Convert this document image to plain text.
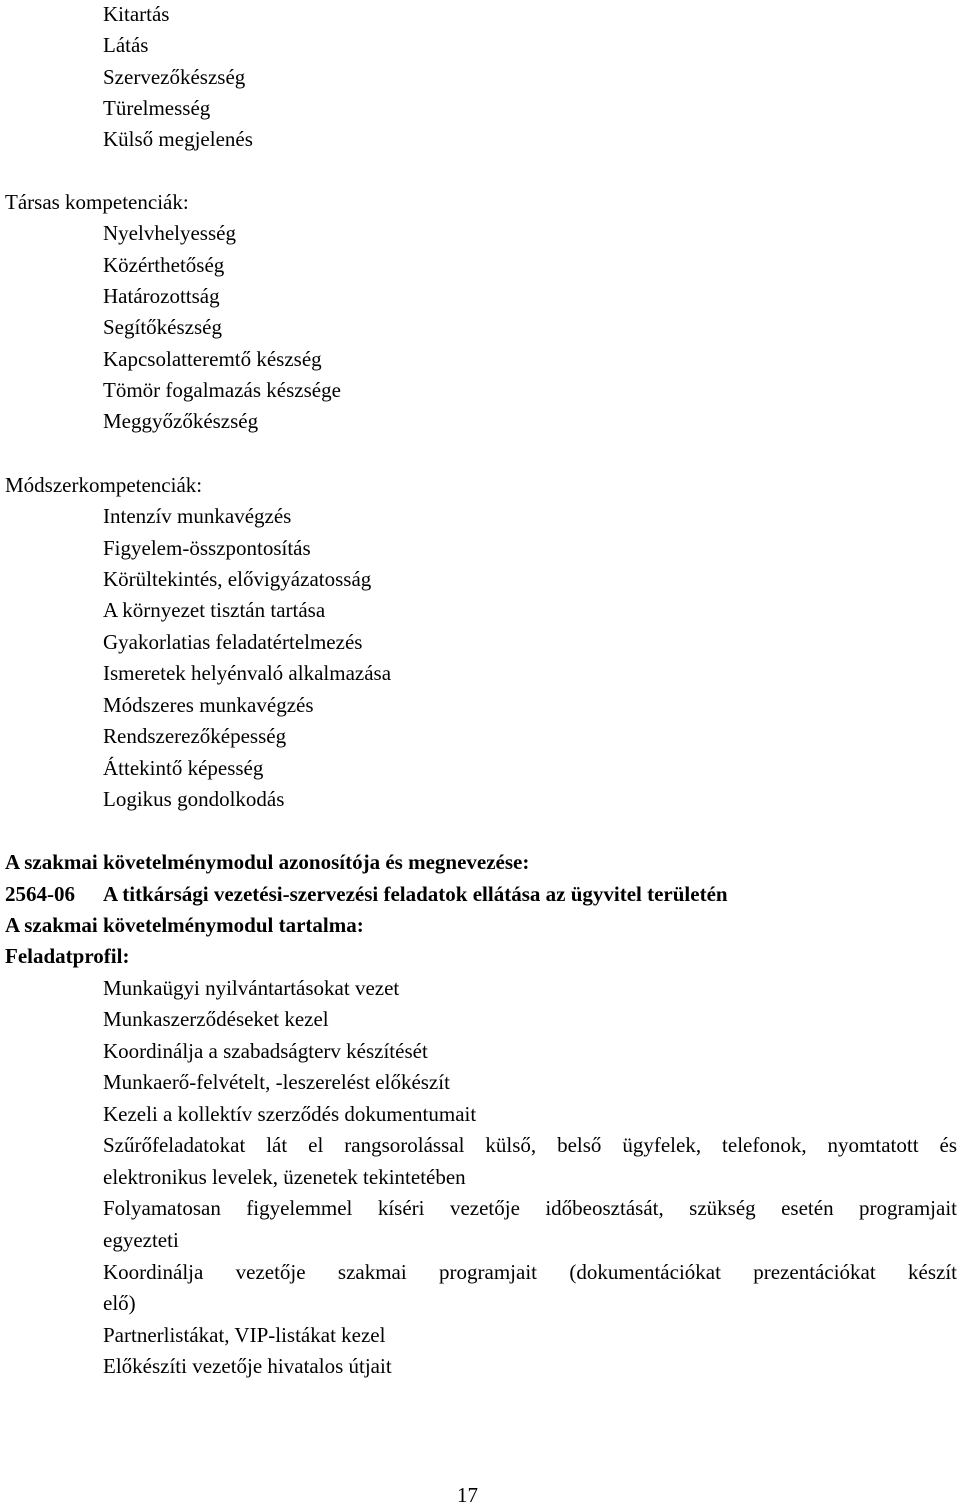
Kitartás
Látás
Szervezőkészség
Türelmesség
Külső megjelenés
Társas kompetenciák:
Nyelvhelyesség
Közérthetőség
Határozottság
Segítőkészség
Kapcsolatteremtő készség
Tömör fogalmazás készsége
Meggyőzőkészség
Módszerkompetenciák:
Intenzív munkavégzés
Figyelem-összpontosítás
Körültekintés, elővigyázatosság
A környezet tisztán tartása
Gyakorlatias feladatértelmezés
Ismeretek helyénvaló alkalmazása
Módszeres munkavégzés
Rendszerezőképesség
Áttekintő képesség
Logikus gondolkodás
A szakmai követelménymodul azonosítója és megnevezése:
2564-06 A titkársági vezetési-szervezési feladatok ellátása az ügyvitel területén
A szakmai követelménymodul tartalma:
Feladatprofil:
Munkaügyi nyilvántartásokat vezet
Munkaszerződéseket kezel
Koordinálja a szabadságterv készítését
Munkaerő-felvételt, -leszerelést előkészít
Kezeli a kollektív szerződés dokumentumait
Szűrőfeladatokat lát el rangsorolással külső, belső ügyfelek, telefonok, nyomtatott és
elektronikus levelek, üzenetek tekintetében
Folyamatosan figyelemmel kíséri vezetője időbeosztását, szükség esetén programjait
egyezteti
Koordinálja vezetője szakmai programjait (dokumentációkat prezentációkat készít
elő)
Partnerlistákat, VIP-listákat kezel
Előkészíti vezetője hivatalos útjait
17
